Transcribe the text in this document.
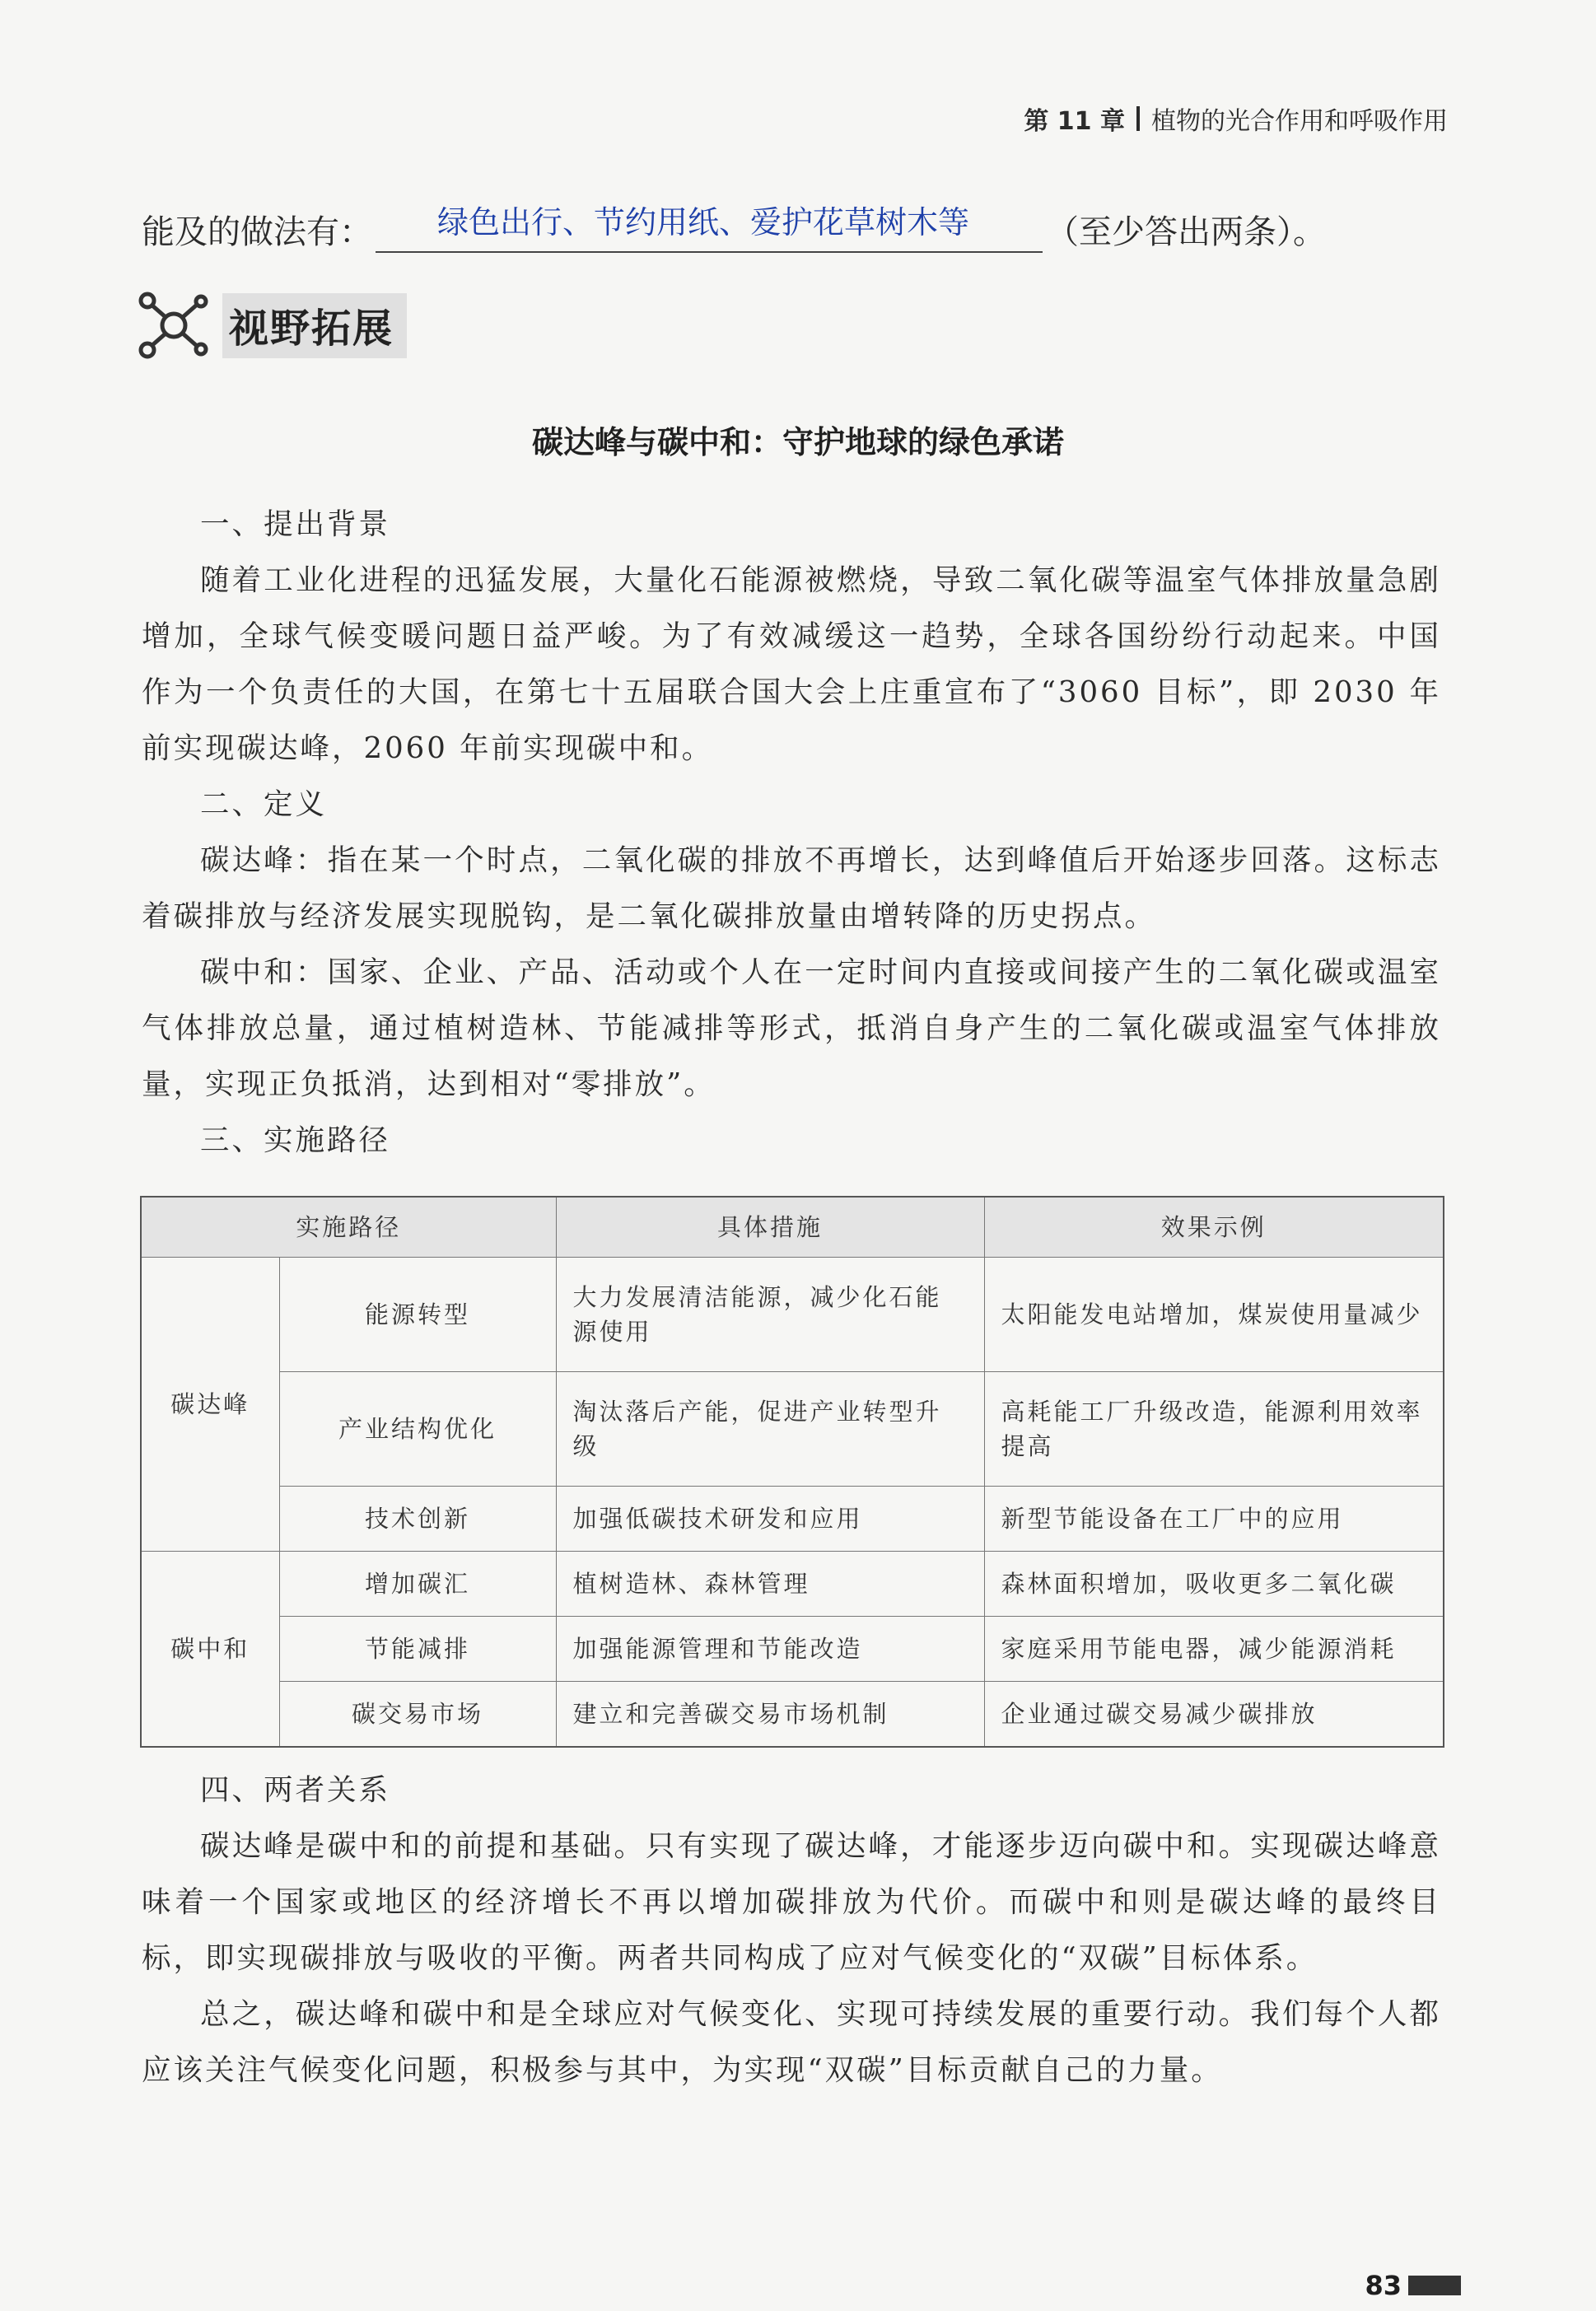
第 11 章 植物的光合作用和呼吸作用
能及的做法有： 绿色出行、节约用纸、爱护花草树木等 （至少答出两条）。
视野拓展
碳达峰与碳中和：守护地球的绿色承诺
一、提出背景

随着工业化进程的迅猛发展，大量化石能源被燃烧，导致二氧化碳等温室气体排放量急剧增加，全球气候变暖问题日益严峻。为了有效减缓这一趋势，全球各国纷纷行动起来。中国作为一个负责任的大国，在第七十五届联合国大会上庄重宣布了“3060 目标”，即 2030 年前实现碳达峰，2060 年前实现碳中和。

二、定义

碳达峰：指在某一个时点，二氧化碳的排放不再增长，达到峰值后开始逐步回落。这标志着碳排放与经济发展实现脱钩，是二氧化碳排放量由增转降的历史拐点。

碳中和：国家、企业、产品、活动或个人在一定时间内直接或间接产生的二氧化碳或温室气体排放总量，通过植树造林、节能减排等形式，抵消自身产生的二氧化碳或温室气体排放量，实现正负抵消，达到相对“零排放”。

三、实施路径
实施路径		具体措施	效果示例
碳达峰	能源转型	大力发展清洁能源，减少化石能源使用	太阳能发电站增加，煤炭使用量减少
	产业结构优化	淘汰落后产能，促进产业转型升级	高耗能工厂升级改造，能源利用效率提高
	技术创新	加强低碳技术研发和应用	新型节能设备在工厂中的应用
碳中和	增加碳汇	植树造林、森林管理	森林面积增加，吸收更多二氧化碳
	节能减排	加强能源管理和节能改造	家庭采用节能电器，减少能源消耗
	碳交易市场	建立和完善碳交易市场机制	企业通过碳交易减少碳排放
四、两者关系

碳达峰是碳中和的前提和基础。只有实现了碳达峰，才能逐步迈向碳中和。实现碳达峰意味着一个国家或地区的经济增长不再以增加碳排放为代价。而碳中和则是碳达峰的最终目标，即实现碳排放与吸收的平衡。两者共同构成了应对气候变化的“双碳”目标体系。

总之，碳达峰和碳中和是全球应对气候变化、实现可持续发展的重要行动。我们每个人都应该关注气候变化问题，积极参与其中，为实现“双碳”目标贡献自己的力量。

83
